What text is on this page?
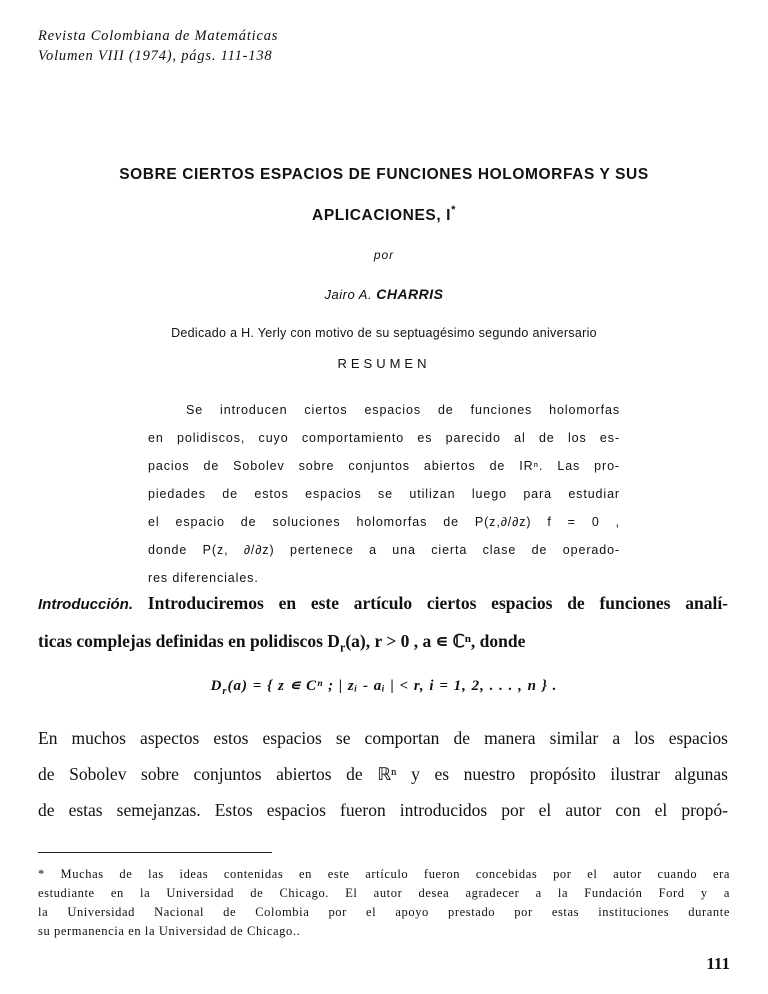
Revista Colombiana de Matemáticas
Volumen VIII (1974), págs. 111-138
SOBRE CIERTOS ESPACIOS DE FUNCIONES HOLOMORFAS Y SUS
APLICACIONES, I*
por
Jairo A. CHARRIS
Dedicado a H. Yerly con motivo de su septuagésimo segundo aniversario
RESUMEN
Se introducen ciertos espacios de funciones holomorfas
en polidiscos, cuyo comportamiento es parecido al de los es-
pacios de Sobolev sobre conjuntos abiertos de IRⁿ. Las pro-
piedades de estos espacios se utilizan luego para estudiar
el espacio de soluciones holomorfas de P(z,∂/∂z) f = 0 ,
donde P(z, ∂/∂z) pertenece a una cierta clase de operado-
res diferenciales.
Introducción. Introduciremos en este artículo ciertos espacios de funciones analí-
ticas complejas definidas en polidiscos $D_r(a)$, r > 0 , a ∊ ℂⁿ, donde
$D_r(a)$ = { z ∊ Cⁿ ; | zᵢ - aᵢ | < r, i = 1, 2, . . . , n } .
En muchos aspectos estos espacios se comportan de manera similar a los espacios
de Sobolev sobre conjuntos abiertos de ℝⁿ y es nuestro propósito ilustrar algunas
de estas semejanzas. Estos espacios fueron introducidos por el autor con el propó-
* Muchas de las ideas contenidas en este artículo fueron concebidas por el autor cuando era
estudiante en la Universidad de Chicago. El autor desea agradecer a la Fundación Ford y a
la Universidad Nacional de Colombia por el apoyo prestado por estas instituciones durante
su permanencia en la Universidad de Chicago..
111
